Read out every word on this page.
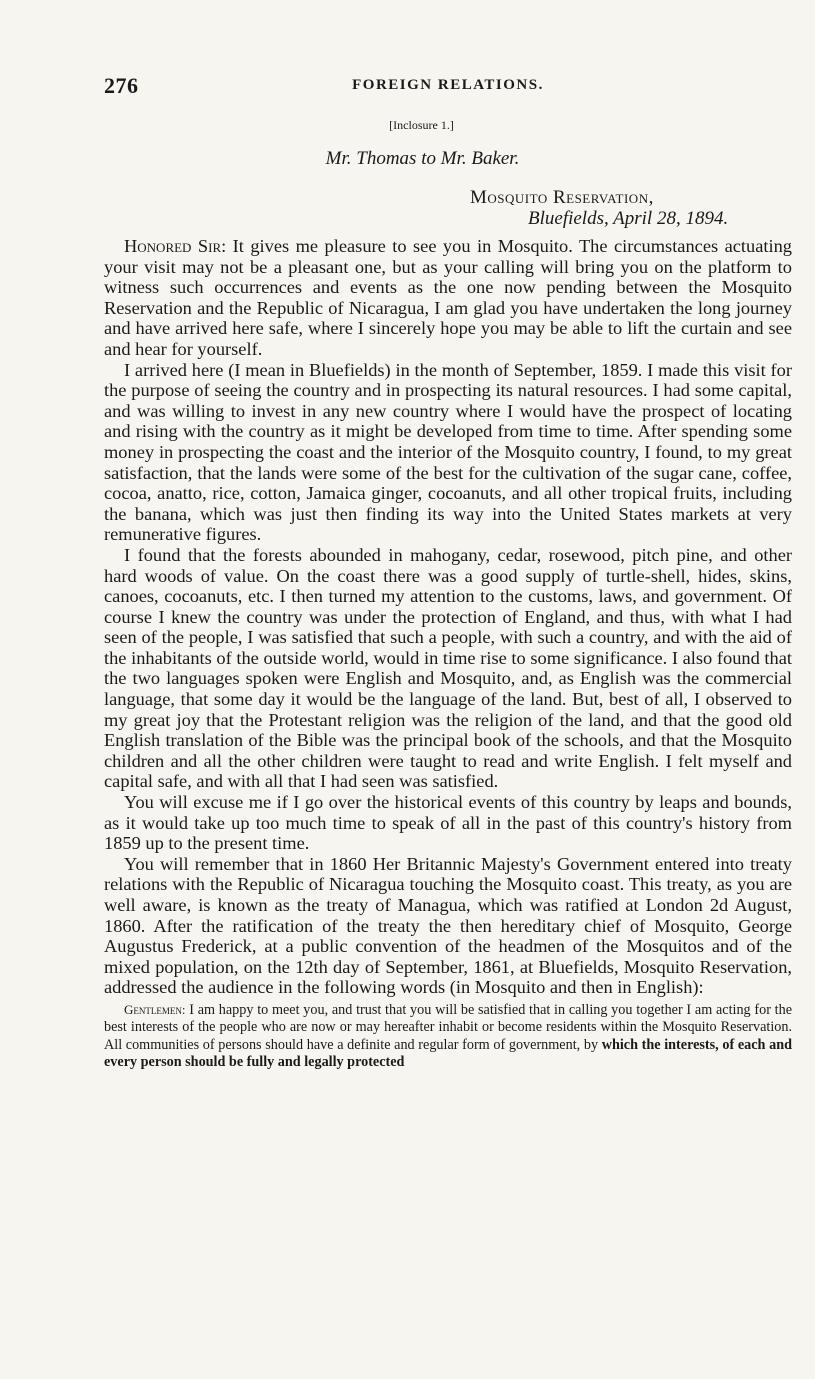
276	FOREIGN RELATIONS.
[Inclosure 1.]
Mr. Thomas to Mr. Baker.
Mosquito Reservation,
Bluefields, April 28, 1894.

Honored Sir: It gives me pleasure to see you in Mosquito. The circumstances actuating your visit may not be a pleasant one, but as your calling will bring you on the platform to witness such occurrences and events as the one now pending between the Mosquito Reservation and the Republic of Nicaragua, I am glad you have undertaken the long journey and have arrived here safe, where I sincerely hope you may be able to lift the curtain and see and hear for yourself.

I arrived here (I mean in Bluefields) in the month of September, 1859. I made this visit for the purpose of seeing the country and in prospecting its natural resources. I had some capital, and was willing to invest in any new country where I would have the prospect of locating and rising with the country as it might be developed from time to time. After spending some money in prospecting the coast and the interior of the Mosquito country, I found, to my great satisfaction, that the lands were some of the best for the cultivation of the sugar cane, coffee, cocoa, anatto, rice, cotton, Jamaica ginger, cocoanuts, and all other tropical fruits, including the banana, which was just then finding its way into the United States markets at very remunerative figures.

I found that the forests abounded in mahogany, cedar, rosewood, pitch pine, and other hard woods of value. On the coast there was a good supply of turtle-shell, hides, skins, canoes, cocoanuts, etc. I then turned my attention to the customs, laws, and government. Of course I knew the country was under the protection of England, and thus, with what I had seen of the people, I was satisfied that such a people, with such a country, and with the aid of the inhabitants of the outside world, would in time rise to some significance. I also found that the two languages spoken were English and Mosquito, and, as English was the commercial language, that some day it would be the language of the land. But, best of all, I observed to my great joy that the Protestant religion was the religion of the land, and that the good old English translation of the Bible was the principal book of the schools, and that the Mosquito children and all the other children were taught to read and write English. I felt myself and capital safe, and with all that I had seen was satisfied.

You will excuse me if I go over the historical events of this country by leaps and bounds, as it would take up too much time to speak of all in the past of this country's history from 1859 up to the present time.

You will remember that in 1860 Her Britannic Majesty's Government entered into treaty relations with the Republic of Nicaragua touching the Mosquito coast. This treaty, as you are well aware, is known as the treaty of Managua, which was ratified at London 2d August, 1860. After the ratification of the treaty the then hereditary chief of Mosquito, George Augustus Frederick, at a public convention of the headmen of the Mosquitos and of the mixed population, on the 12th day of September, 1861, at Bluefields, Mosquito Reservation, addressed the audience in the following words (in Mosquito and then in English):

Gentlemen: I am happy to meet you, and trust that you will be satisfied that in calling you together I am acting for the best interests of the people who are now or may hereafter inhabit or become residents within the Mosquito Reservation. All communities of persons should have a definite and regular form of government, by which the interests, of each and every person should be fully and legally protected
